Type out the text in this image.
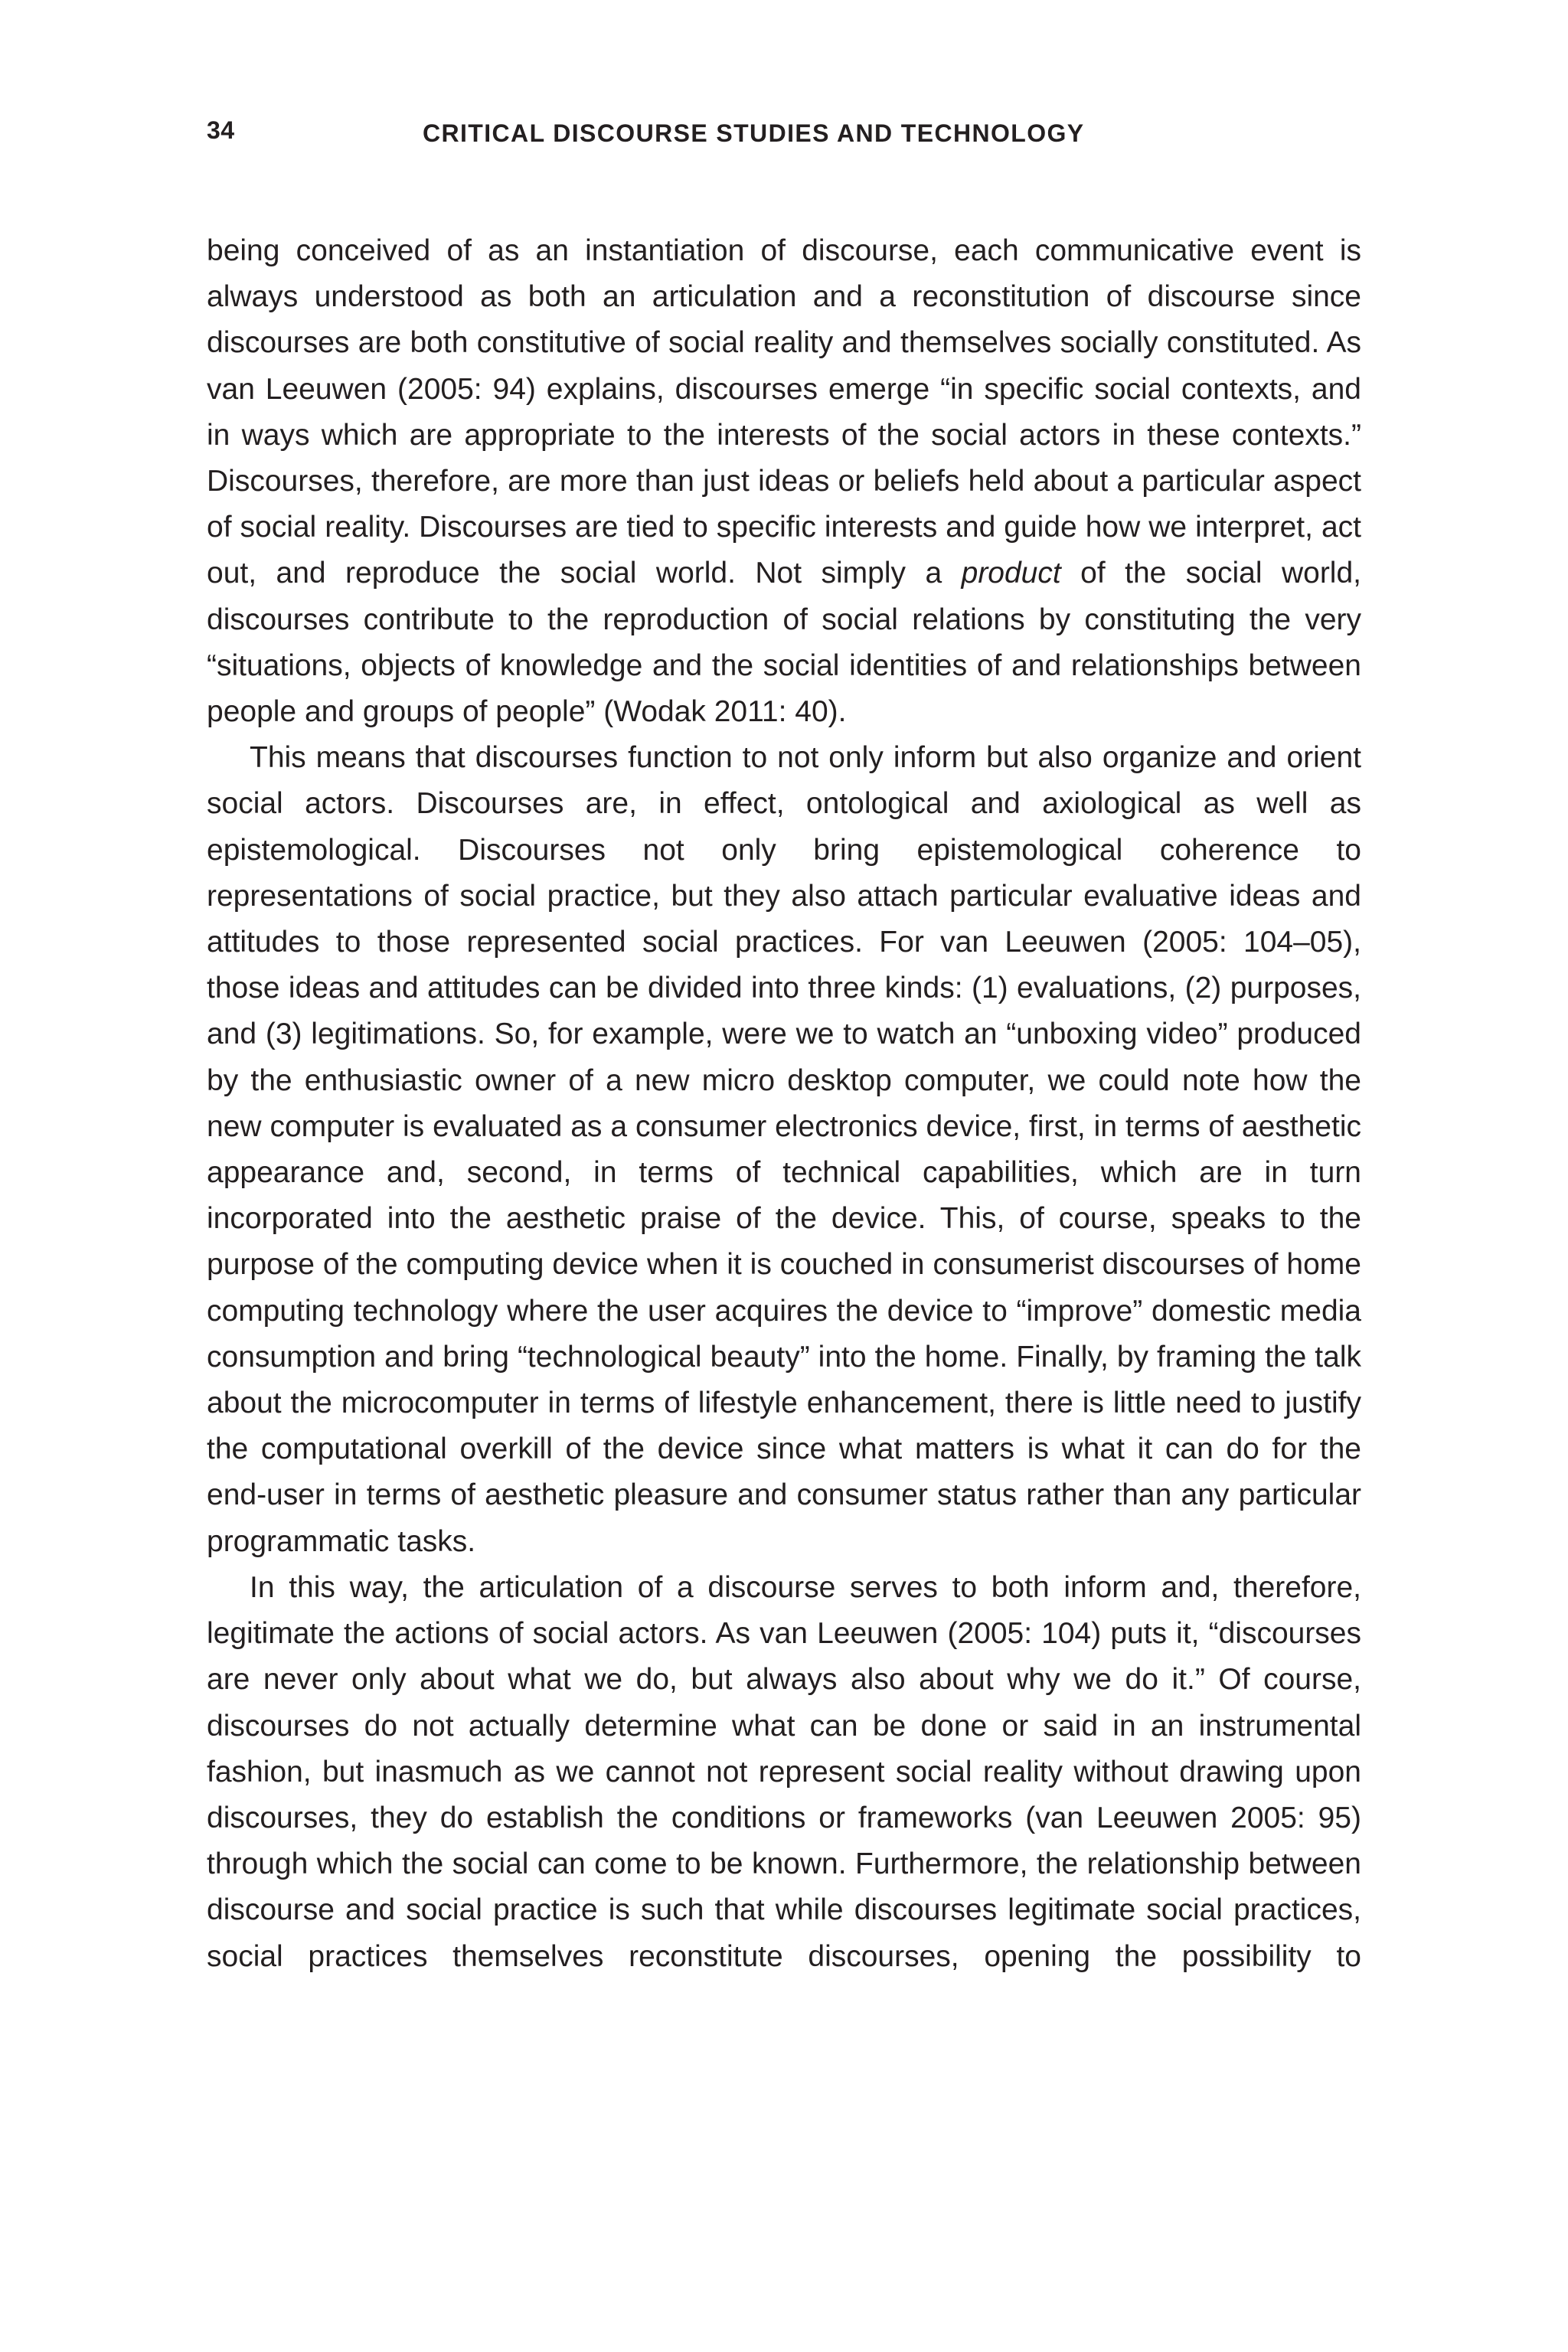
34	CRITICAL DISCOURSE STUDIES AND TECHNOLOGY

being conceived of as an instantiation of discourse, each communicative event is always understood as both an articulation and a reconstitution of discourse since discourses are both constitutive of social reality and themselves socially constituted. As van Leeuwen (2005: 94) explains, discourses emerge “in specific social contexts, and in ways which are appropriate to the interests of the social actors in these contexts.” Discourses, therefore, are more than just ideas or beliefs held about a particular aspect of social reality. Discourses are tied to specific interests and guide how we interpret, act out, and reproduce the social world. Not simply a product of the social world, discourses contribute to the reproduction of social relations by constituting the very “situations, objects of knowledge and the social identities of and relationships between people and groups of people” (Wodak 2011: 40).

This means that discourses function to not only inform but also organize and orient social actors. Discourses are, in effect, ontological and axiological as well as epistemological. Discourses not only bring epistemological coherence to representations of social practice, but they also attach particular evaluative ideas and attitudes to those represented social practices. For van Leeuwen (2005: 104–05), those ideas and attitudes can be divided into three kinds: (1) evaluations, (2) purposes, and (3) legitimations. So, for example, were we to watch an “unboxing video” produced by the enthusiastic owner of a new micro desktop computer, we could note how the new computer is evaluated as a consumer electronics device, first, in terms of aesthetic appearance and, second, in terms of technical capabilities, which are in turn incorporated into the aesthetic praise of the device. This, of course, speaks to the purpose of the computing device when it is couched in consumerist discourses of home computing technology where the user acquires the device to “improve” domestic media consumption and bring “technological beauty” into the home. Finally, by framing the talk about the microcomputer in terms of lifestyle enhancement, there is little need to justify the computational overkill of the device since what matters is what it can do for the end-user in terms of aesthetic pleasure and consumer status rather than any particular programmatic tasks.

In this way, the articulation of a discourse serves to both inform and, therefore, legitimate the actions of social actors. As van Leeuwen (2005: 104) puts it, “discourses are never only about what we do, but always also about why we do it.” Of course, discourses do not actually determine what can be done or said in an instrumental fashion, but inasmuch as we cannot not represent social reality without drawing upon discourses, they do establish the conditions or frameworks (van Leeuwen 2005: 95) through which the social can come to be known. Furthermore, the relationship between discourse and social practice is such that while discourses legitimate social practices, social practices themselves reconstitute discourses, opening the possibility to
